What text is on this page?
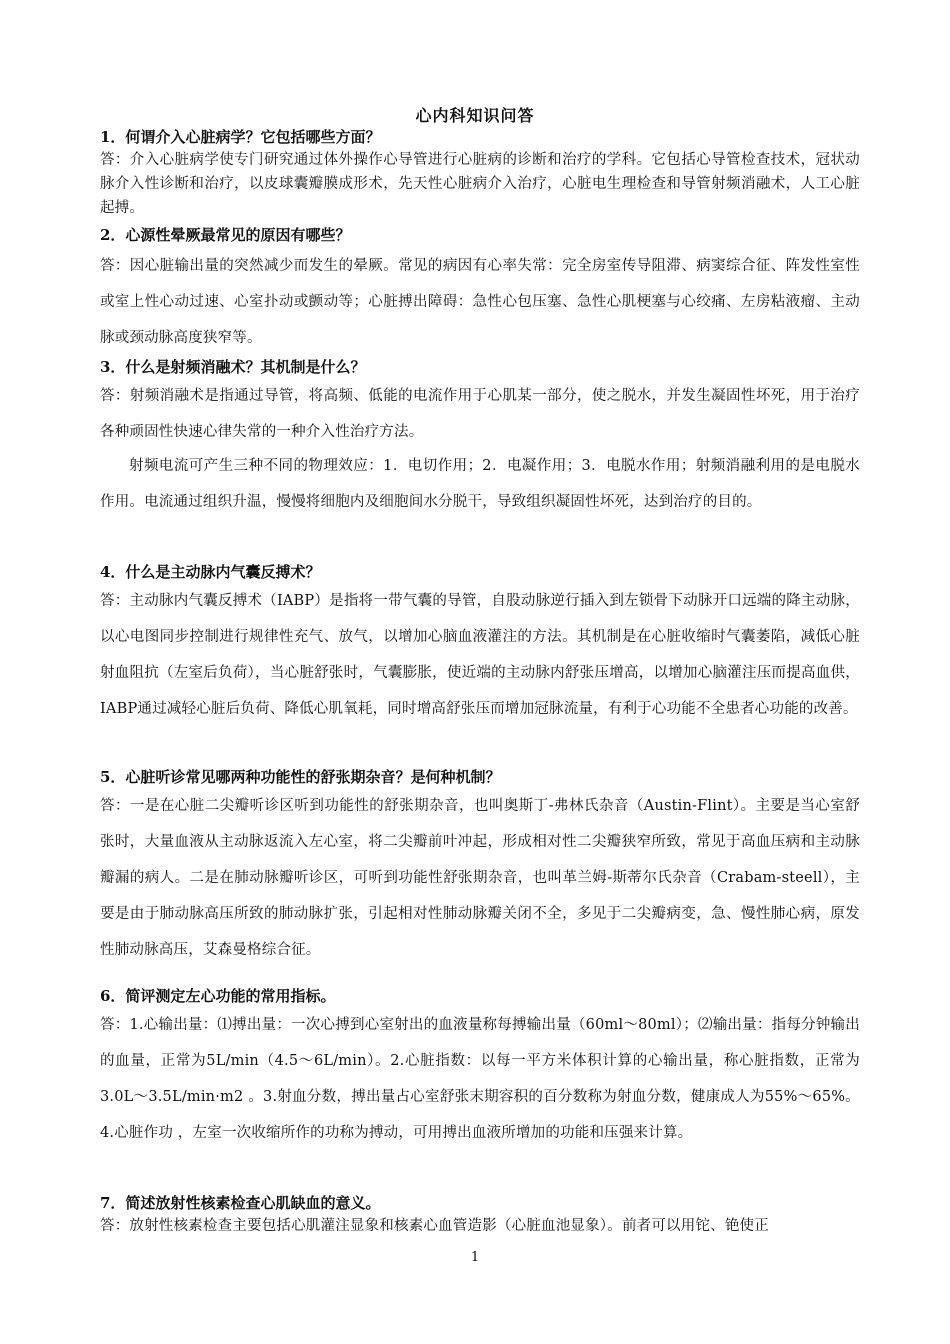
心内科知识问答
1．何谓介入心脏病学？它包括哪些方面？

答：介入心脏病学使专门研究通过体外操作心导管进行心脏病的诊断和治疗的学科。它包括心导管检查技术，冠状动脉介入性诊断和治疗，以皮球囊瓣膜成形术，先天性心脏病介入治疗，心脏电生理检查和导管射频消融术，人工心脏起搏。

2．心源性晕厥最常见的原因有哪些？

答：因心脏输出量的突然减少而发生的晕厥。常见的病因有心率失常：完全房室传导阻滞、病窦综合征、阵发性室性或室上性心动过速、心室扑动或颤动等；心脏搏出障碍：急性心包压塞、急性心肌梗塞与心绞痛、左房粘液瘤、主动脉或颈动脉高度狭窄等。

3．什么是射频消融术？其机制是什么？

答：射频消融术是指通过导管，将高频、低能的电流作用于心肌某一部分，使之脱水，并发生凝固性坏死，用于治疗各种顽固性快速心律失常的一种介入性治疗方法。

射频电流可产生三种不同的物理效应：1．电切作用；2．电凝作用；3．电脱水作用；射频消融利用的是电脱水作用。电流通过组织升温，慢慢将细胞内及细胞间水分脱干，导致组织凝固性坏死，达到治疗的目的。

4．什么是主动脉内气囊反搏术？

答：主动脉内气囊反搏术（IABP）是指将一带气囊的导管，自股动脉逆行插入到左锁骨下动脉开口远端的降主动脉，以心电图同步控制进行规律性充气、放气，以增加心脑血液灌注的方法。其机制是在心脏收缩时气囊萎陷，减低心脏射血阻抗（左室后负荷），当心脏舒张时，气囊膨胀，使近端的主动脉内舒张压增高，以增加心脑灌注压而提高血供，IABP通过减轻心脏后负荷、降低心肌氧耗，同时增高舒张压而增加冠脉流量，有利于心功能不全患者心功能的改善。

5．心脏听诊常见哪两种功能性的舒张期杂音？是何种机制？

答：一是在心脏二尖瓣听诊区听到功能性的舒张期杂音，也叫奥斯丁-弗林氏杂音（Austin-Flint）。主要是当心室舒张时，大量血液从主动脉返流入左心室，将二尖瓣前叶冲起，形成相对性二尖瓣狭窄所致，常见于高血压病和主动脉瓣漏的病人。二是在肺动脉瓣听诊区，可听到功能性舒张期杂音，也叫革兰姆-斯蒂尔氏杂音（Crabam-steell），主要是由于肺动脉高压所致的肺动脉扩张，引起相对性肺动脉瓣关闭不全，多见于二尖瓣病变，急、慢性肺心病，原发性肺动脉高压，艾森曼格综合征。

6．简评测定左心功能的常用指标。

答：1.心输出量：⑴搏出量：一次心搏到心室射出的血液量称每搏输出量（60ml～80ml）；⑵输出量：指每分钟输出的血量，正常为5L/min（4.5～6L/min）。2.心脏指数：以每一平方米体积计算的心输出量，称心脏指数，正常为3.0L～3.5L/min·m2 。3.射血分数，搏出量占心室舒张末期容积的百分数称为射血分数，健康成人为55%～65%。4.心脏作功 ，左室一次收缩所作的功称为搏动，可用搏出血液所增加的功能和压强来计算。

7．简述放射性核素检查心肌缺血的意义。

答：放射性核素检查主要包括心肌灌注显象和核素心血管造影（心脏血池显象）。前者可以用铊、铯使正

1
